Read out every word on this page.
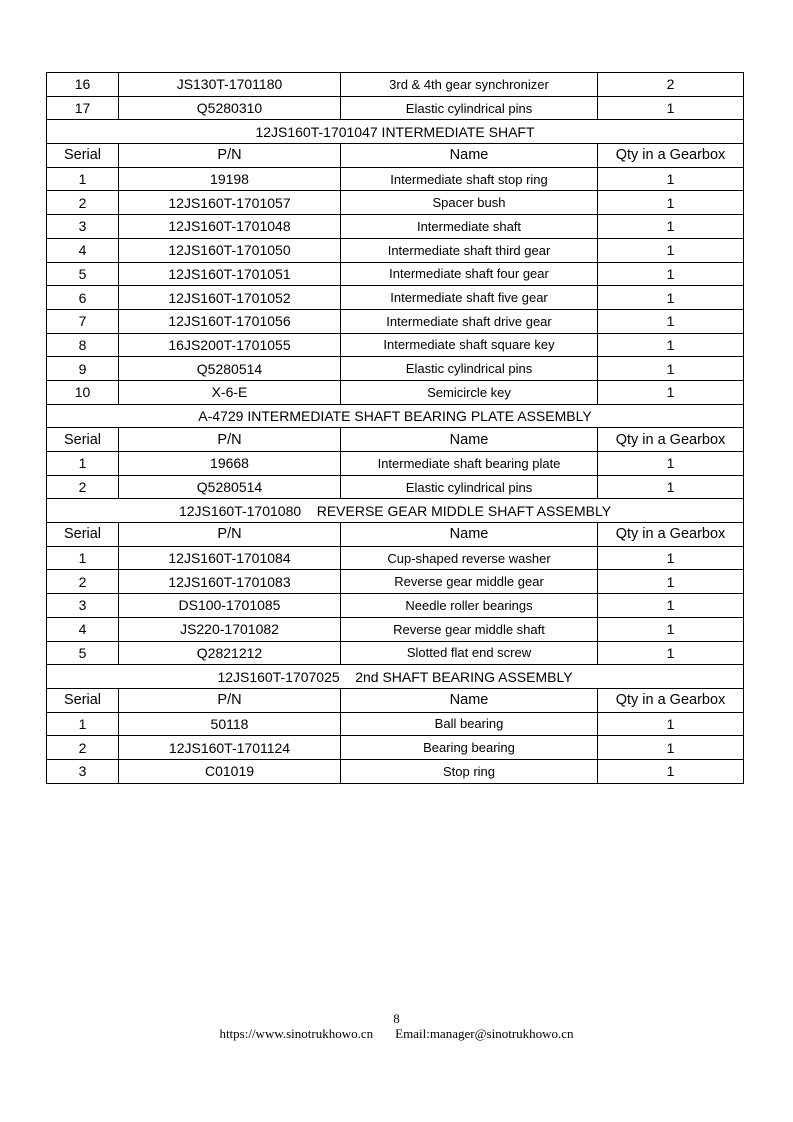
16	JS130T-1701180	3rd & 4th gear synchronizer	2
17	Q5280310	Elastic cylindrical pins	1
12JS160T-1701047 INTERMEDIATE SHAFT			
Serial	P/N	Name	Qty in a Gearbox
1	19198	Intermediate shaft stop ring	1
2	12JS160T-1701057	Spacer bush	1
3	12JS160T-1701048	Intermediate shaft	1
4	12JS160T-1701050	Intermediate shaft third gear	1
5	12JS160T-1701051	Intermediate shaft four gear	1
6	12JS160T-1701052	Intermediate shaft five gear	1
7	12JS160T-1701056	Intermediate shaft drive gear	1
8	16JS200T-1701055	Intermediate shaft square key	1
9	Q5280514	Elastic cylindrical pins	1
10	X-6-E	Semicircle key	1
A-4729 INTERMEDIATE SHAFT BEARING PLATE ASSEMBLY			
Serial	P/N	Name	Qty in a Gearbox
1	19668	Intermediate shaft bearing plate	1
2	Q5280514	Elastic cylindrical pins	1
12JS160T-1701080    REVERSE GEAR MIDDLE SHAFT ASSEMBLY			
Serial	P/N	Name	Qty in a Gearbox
1	12JS160T-1701084	Cup-shaped reverse washer	1
2	12JS160T-1701083	Reverse gear middle gear	1
3	DS100-1701085	Needle roller bearings	1
4	JS220-1701082	Reverse gear middle shaft	1
5	Q2821212	Slotted flat end screw	1
12JS160T-1707025    2nd SHAFT BEARING ASSEMBLY			
Serial	P/N	Name	Qty in a Gearbox
1	50118	Ball bearing	1
2	12JS160T-1701124	Bearing bearing	1
3	C01019	Stop ring	1
8
https://www.sinotrukhowo.cn Email:manager@sinotrukhowo.cn
